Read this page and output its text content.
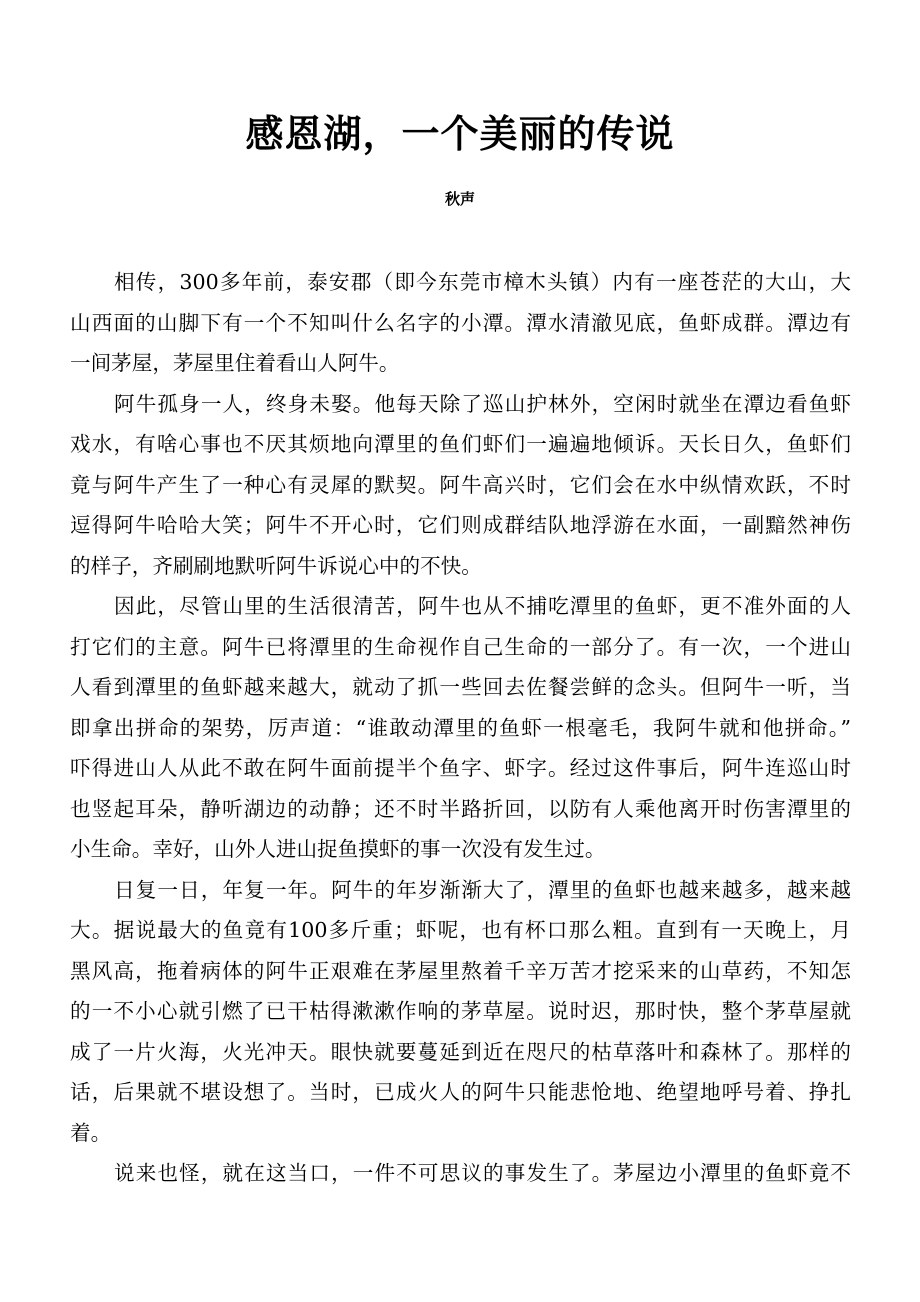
感恩湖，一个美丽的传说
秋声

相传，300多年前，泰安郡（即今东莞市樟木头镇）内有一座苍茫的大山，大
山西面的山脚下有一个不知叫什么名字的小潭。潭水清澈见底，鱼虾成群。潭边有
一间茅屋，茅屋里住着看山人阿牛。

阿牛孤身一人，终身未娶。他每天除了巡山护林外，空闲时就坐在潭边看鱼虾
戏水，有啥心事也不厌其烦地向潭里的鱼们虾们一遍遍地倾诉。天长日久，鱼虾们
竟与阿牛产生了一种心有灵犀的默契。阿牛高兴时，它们会在水中纵情欢跃，不时
逗得阿牛哈哈大笑；阿牛不开心时，它们则成群结队地浮游在水面，一副黯然神伤
的样子，齐刷刷地默听阿牛诉说心中的不快。

因此，尽管山里的生活很清苦，阿牛也从不捕吃潭里的鱼虾，更不准外面的人
打它们的主意。阿牛已将潭里的生命视作自己生命的一部分了。有一次，一个进山
人看到潭里的鱼虾越来越大，就动了抓一些回去佐餐尝鲜的念头。但阿牛一听，当
即拿出拼命的架势，厉声道：“谁敢动潭里的鱼虾一根毫毛，我阿牛就和他拼命。”
吓得进山人从此不敢在阿牛面前提半个鱼字、虾字。经过这件事后，阿牛连巡山时
也竖起耳朵，静听湖边的动静；还不时半路折回，以防有人乘他离开时伤害潭里的
小生命。幸好，山外人进山捉鱼摸虾的事一次没有发生过。

日复一日，年复一年。阿牛的年岁渐渐大了，潭里的鱼虾也越来越多，越来越
大。据说最大的鱼竟有100多斤重；虾呢，也有杯口那么粗。直到有一天晚上，月
黑风高，拖着病体的阿牛正艰难在茅屋里熬着千辛万苦才挖采来的山草药，不知怎
的一不小心就引燃了已干枯得漱漱作响的茅草屋。说时迟，那时快，整个茅草屋就
成了一片火海，火光冲天。眼快就要蔓延到近在咫尺的枯草落叶和森林了。那样的
话，后果就不堪设想了。当时，已成火人的阿牛只能悲怆地、绝望地呼号着、挣扎
着。

说来也怪，就在这当口，一件不可思议的事发生了。茅屋边小潭里的鱼虾竟不
